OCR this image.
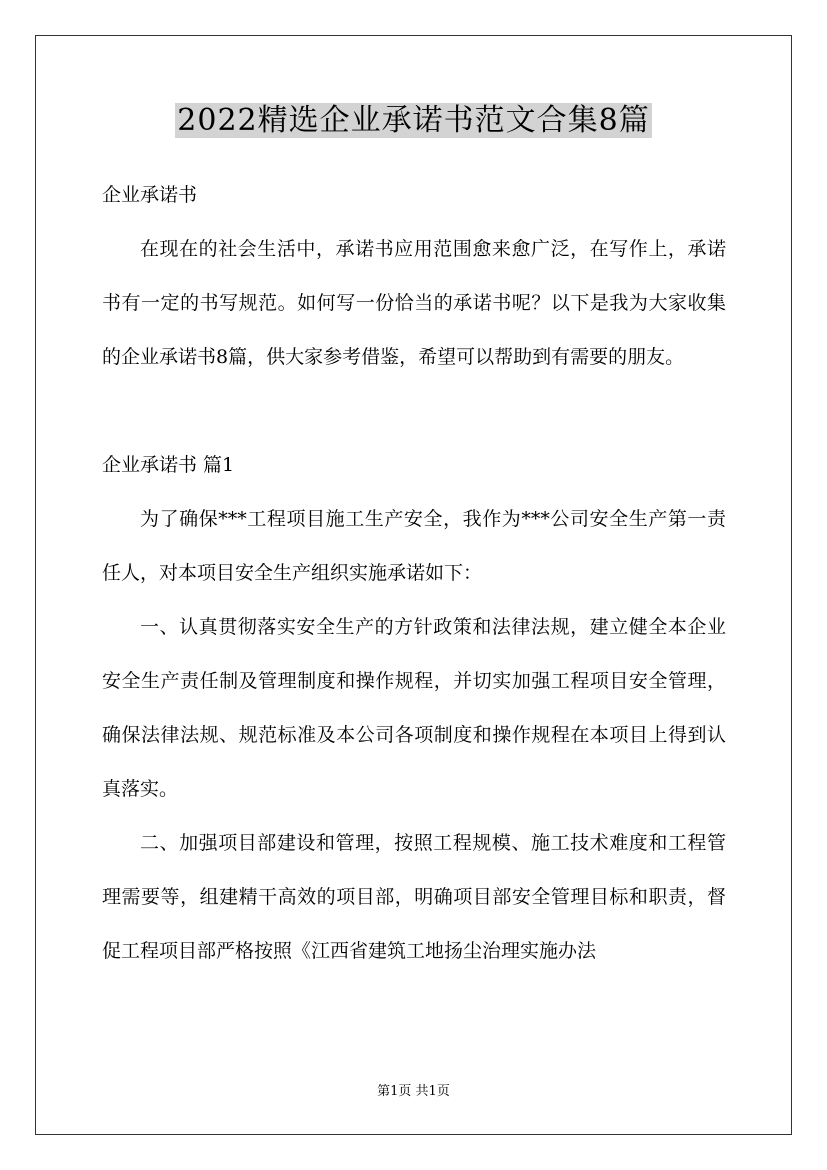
2022精选企业承诺书范文合集8篇

企业承诺书

在现在的社会生活中，承诺书应用范围愈来愈广泛，在写作上，承诺书有一定的书写规范。如何写一份恰当的承诺书呢？以下是我为大家收集的企业承诺书8篇，供大家参考借鉴，希望可以帮助到有需要的朋友。

企业承诺书 篇1

为了确保***工程项目施工生产安全，我作为***公司安全生产第一责任人，对本项目安全生产组织实施承诺如下：

一、认真贯彻落实安全生产的方针政策和法律法规，建立健全本企业安全生产责任制及管理制度和操作规程，并切实加强工程项目安全管理，确保法律法规、规范标准及本公司各项制度和操作规程在本项目上得到认真落实。

二、加强项目部建设和管理，按照工程规模、施工技术难度和工程管理需要等，组建精干高效的项目部，明确项目部安全管理目标和职责，督促工程项目部严格按照《江西省建筑工地扬尘治理实施办法

第1页 共1页
